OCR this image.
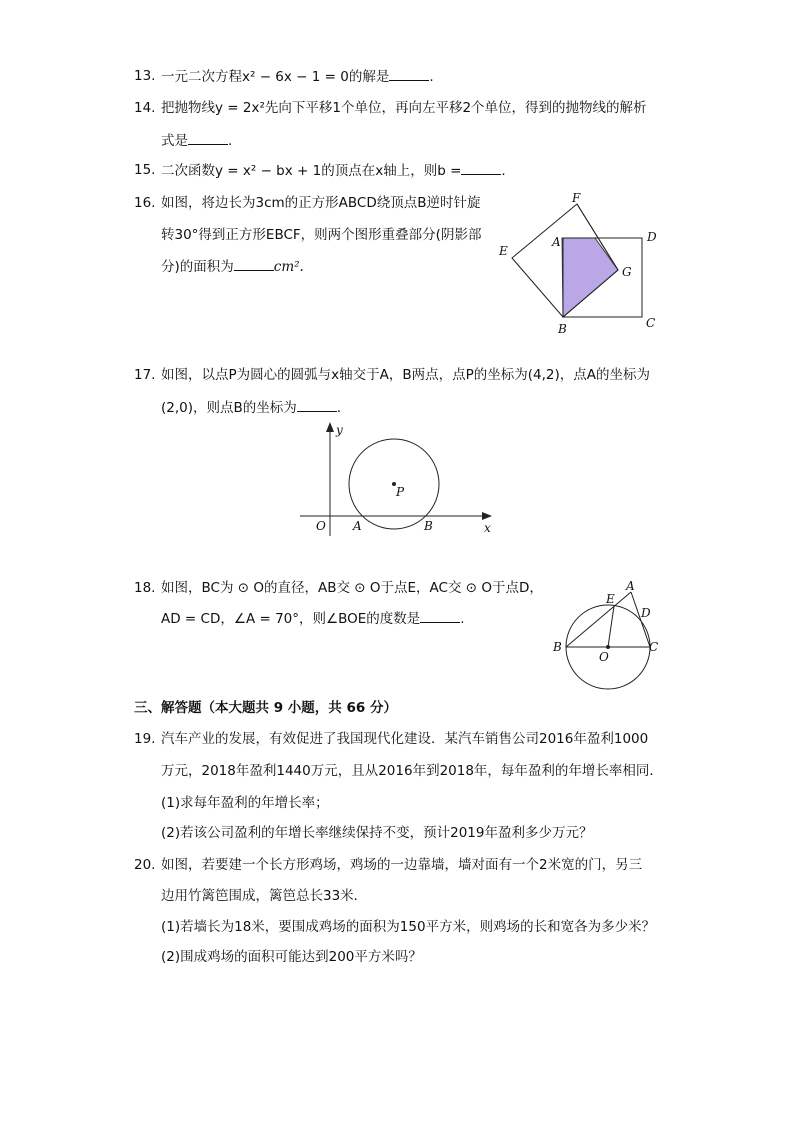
13. 一元二次方程x² − 6x − 1 = 0的解是	.
14. 把抛物线y = 2x²先向下平移1个单位，再向左平移2个单位，得到的抛物线的解析
式是	.
15. 二次函数y = x² − bx + 1的顶点在x轴上，则b =	.
16. 如图，将边长为3cm的正方形ABCD绕顶点B逆时针旋
转30°得到正方形EBCF，则两个图形重叠部分(阴影部
分)的面积为	cm².
F
D
A
E
G
B	C
17. 如图，以点P为圆心的圆弧与x轴交于A，B两点，点P的坐标为(4,2)，点A的坐标为
(2,0)，则点B的坐标为	.
y
x
O A	B
P
18. 如图，BC为 ⊙ O的直径，AB交 ⊙ O于点E，AC交 ⊙ O于点D，
AD = CD，∠A = 70°，则∠BOE的度数是	.
A
E
D
B
O
C
三、解答题（本大题共 9 小题，共 66 分）
19. 汽车产业的发展，有效促进了我国现代化建设．某汽车销售公司2016年盈利1000
万元，2018年盈利1440万元，且从2016年到2018年，每年盈利的年增长率相同．
(1)求每年盈利的年增长率；
(2)若该公司盈利的年增长率继续保持不变，预计2019年盈利多少万元？
20. 如图，若要建一个长方形鸡场，鸡场的一边靠墙，墙对面有一个2米宽的门，另三
边用竹篱笆围成，篱笆总长33米．
(1)若墙长为18米，要围成鸡场的面积为150平方米，则鸡场的长和宽各为多少米？
(2)围成鸡场的面积可能达到200平方米吗？
